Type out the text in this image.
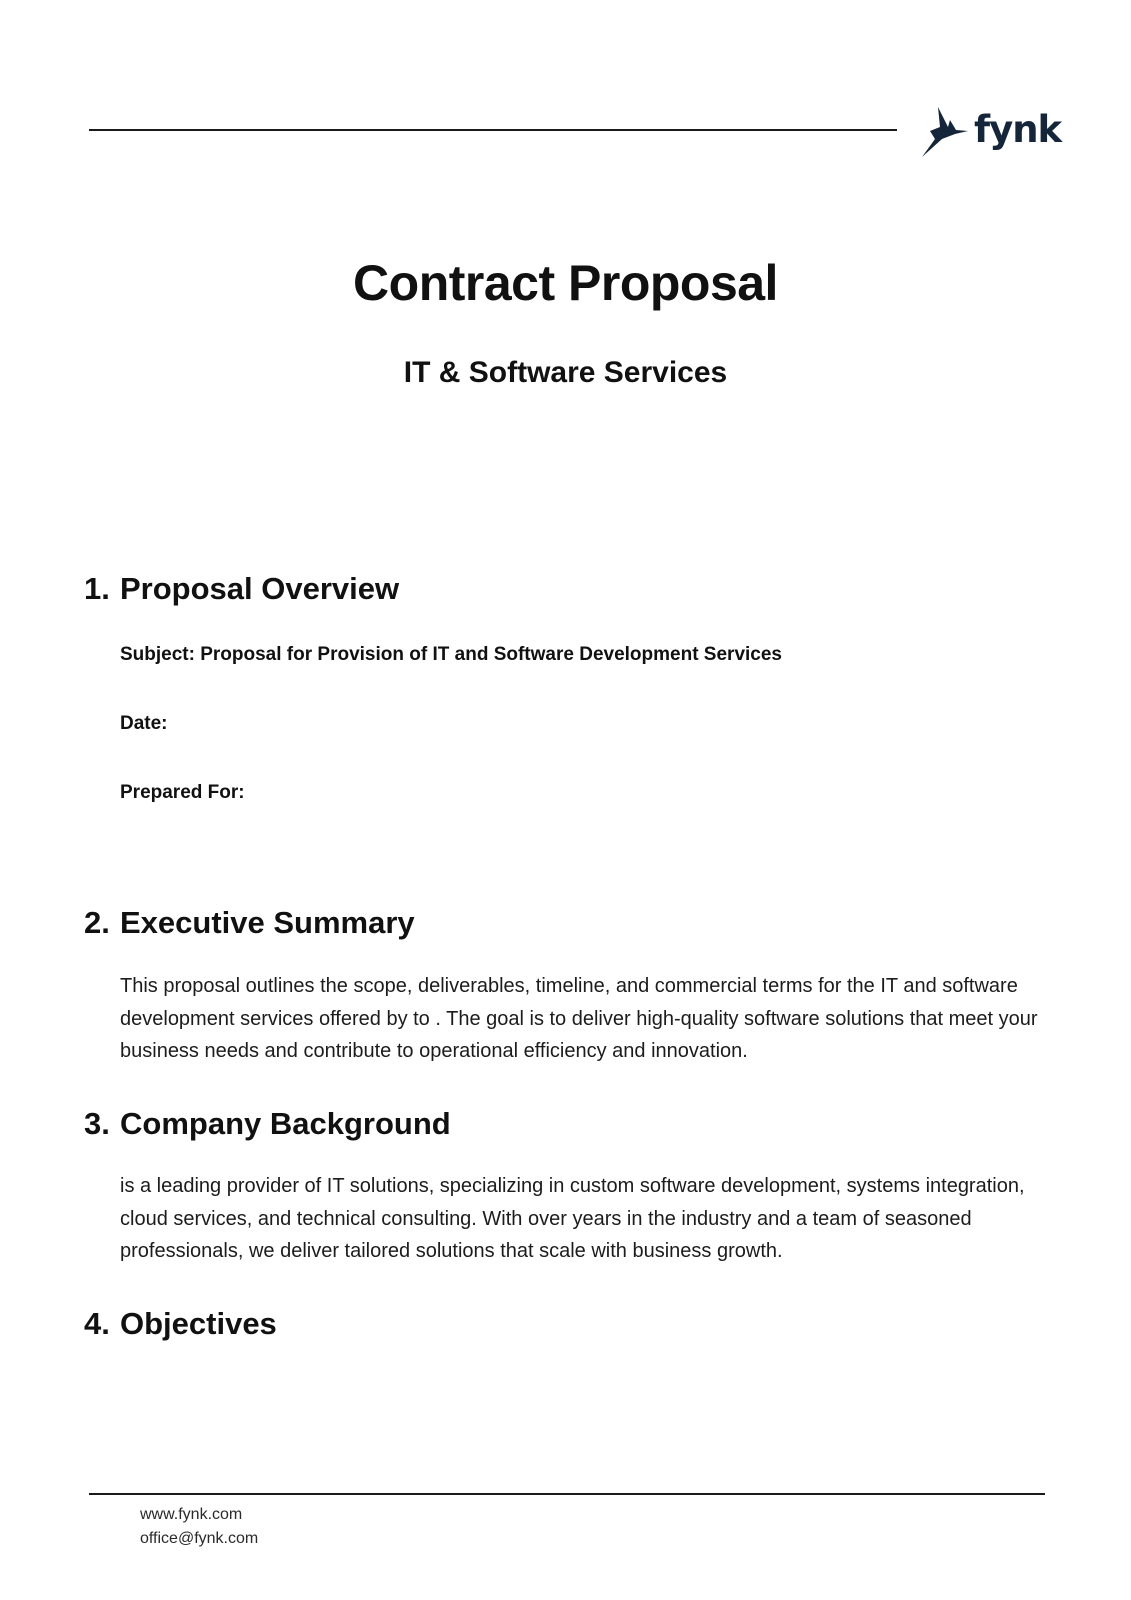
fynk
Contract Proposal
IT & Software Services
1. Proposal Overview

Subject: Proposal for Provision of IT and Software Development Services

Date:

Prepared For:

2. Executive Summary

This proposal outlines the scope, deliverables, timeline, and commercial terms for the IT and software development services offered by to . The goal is to deliver high-quality software solutions that meet your business needs and contribute to operational efficiency and innovation.

3. Company Background

is a leading provider of IT solutions, specializing in custom software development, systems integration, cloud services, and technical consulting. With over years in the industry and a team of seasoned professionals, we deliver tailored solutions that scale with business growth.

4. Objectives

www.fynk.com

office@fynk.com
